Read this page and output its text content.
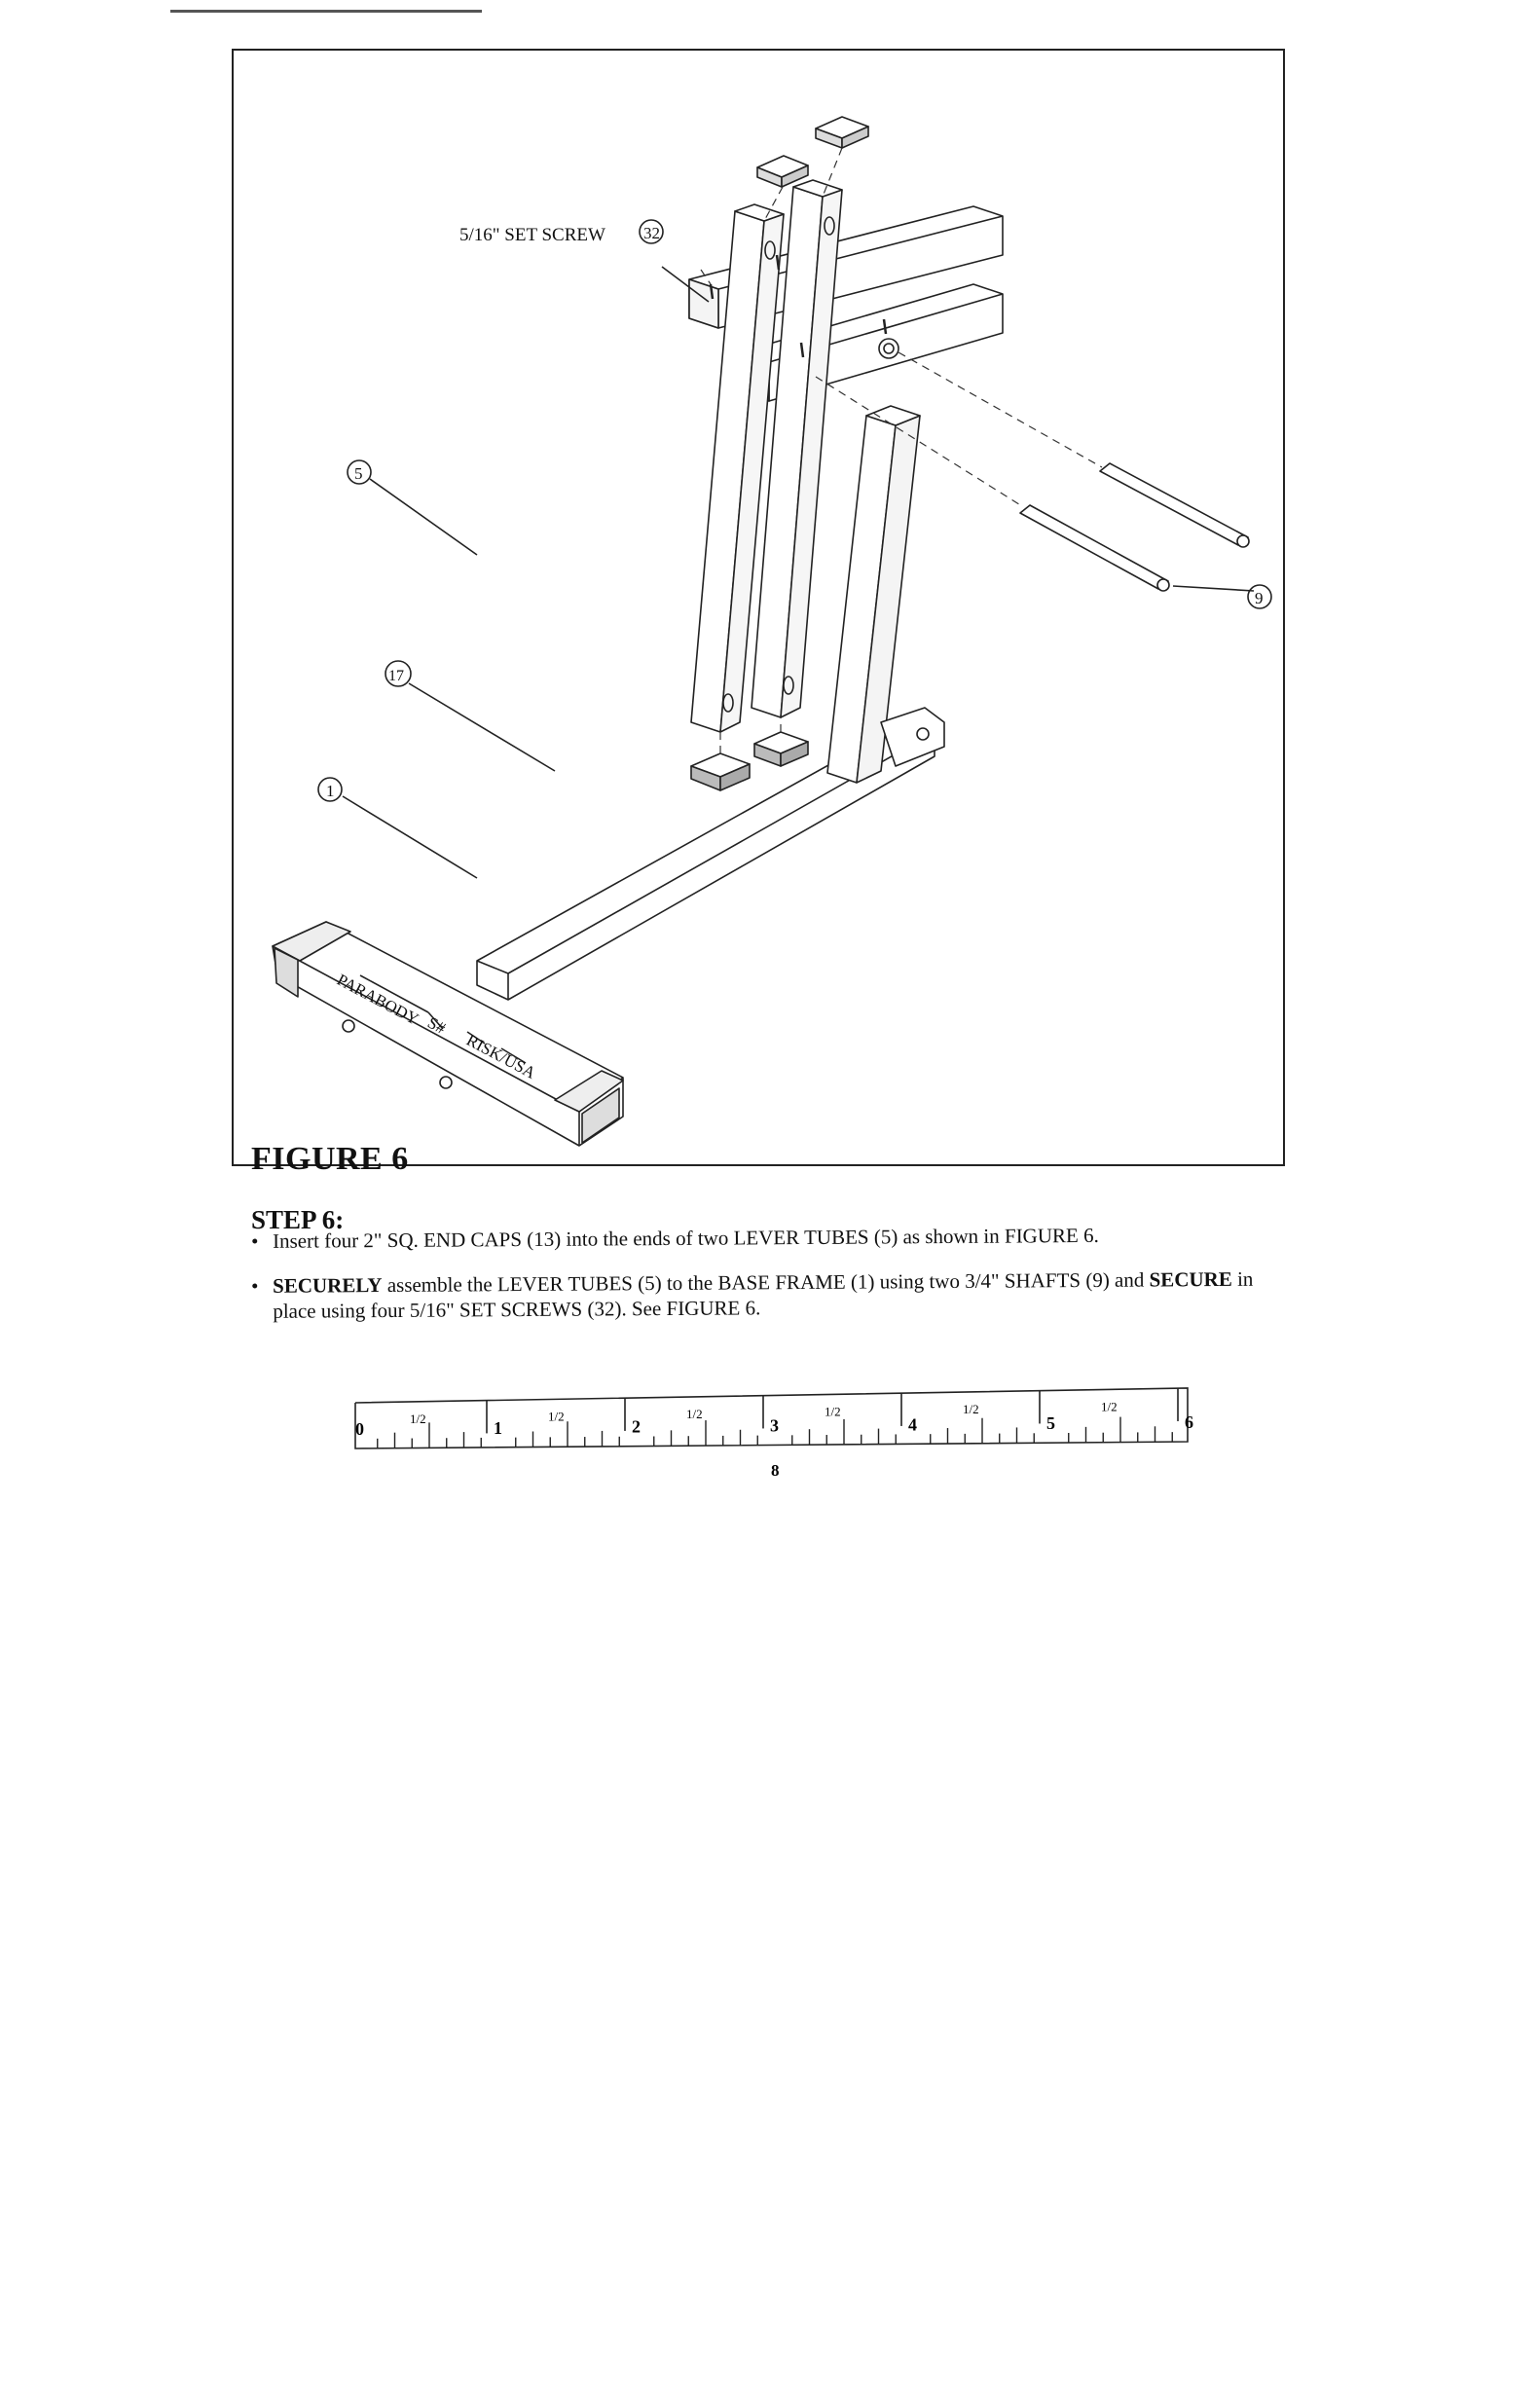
5/16" SET SCREW 32
5
9
17
1
PARABODY S#
RISK/USA
FIGURE 6
STEP 6:
• Insert four 2" SQ. END CAPS (13) into the ends of two LEVER TUBES (5) as shown in FIGURE 6.
• SECURELY assemble the LEVER TUBES (5) to the BASE FRAME (1) using two 3/4" SHAFTS (9) and SECURE in place using four 5/16" SET SCREWS (32). See FIGURE 6.
0
1/2	1
1/2
2
1/2
3
1/2
4
1/2
5
1/2
6
8
